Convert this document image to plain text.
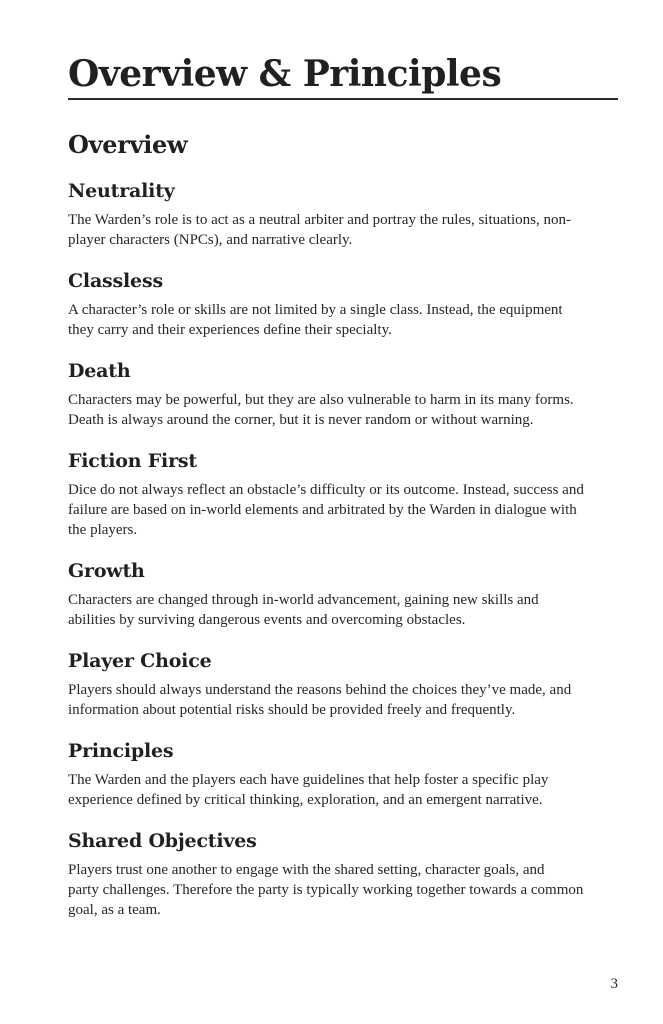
Overview & Principles
Overview
Neutrality

The Warden’s role is to act as a neutral arbiter and portray the rules, situations, non-
player characters (NPCs), and narrative clearly.

Classless

A character’s role or skills are not limited by a single class. Instead, the equipment
they carry and their experiences define their specialty.

Death

Characters may be powerful, but they are also vulnerable to harm in its many forms.
Death is always around the corner, but it is never random or without warning.

Fiction First

Dice do not always reflect an obstacle’s difficulty or its outcome. Instead, success and
failure are based on in-world elements and arbitrated by the Warden in dialogue with
the players.

Growth

Characters are changed through in-world advancement, gaining new skills and
abilities by surviving dangerous events and overcoming obstacles.

Player Choice

Players should always understand the reasons behind the choices they’ve made, and
information about potential risks should be provided freely and frequently.

Principles

The Warden and the players each have guidelines that help foster a specific play
experience defined by critical thinking, exploration, and an emergent narrative.

Shared Objectives

Players trust one another to engage with the shared setting, character goals, and
party challenges. Therefore the party is typically working together towards a common
goal, as a team.

3
